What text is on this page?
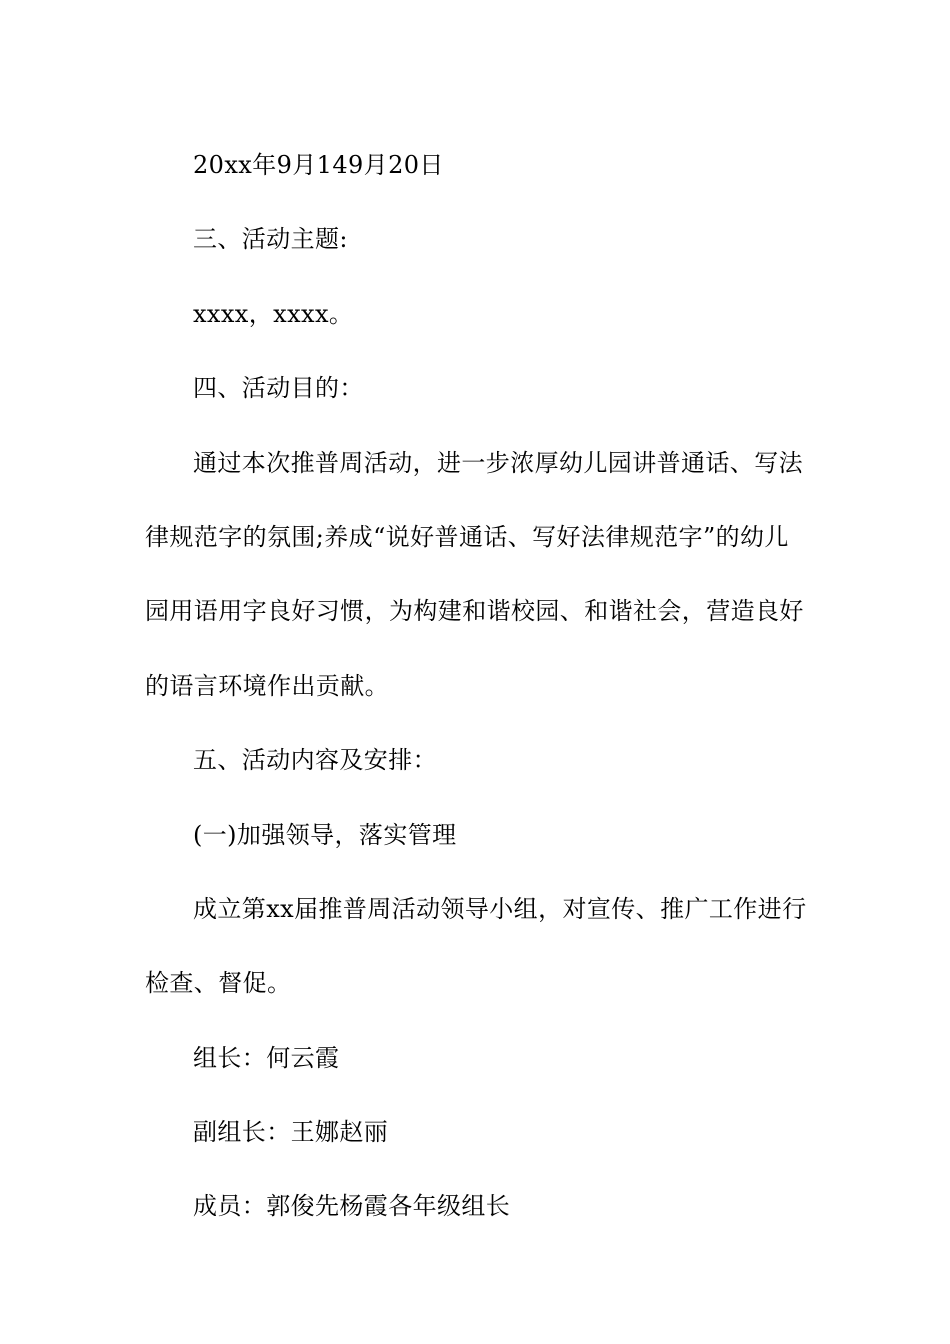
20xx年9月149月20日
三、活动主题:
xxxx，xxxx。
四、活动目的：
通过本次推普周活动，进一步浓厚幼儿园讲普通话、写法
律规范字的氛围;养成“说好普通话、写好法律规范字”的幼儿
园用语用字良好习惯，为构建和谐校园、和谐社会，营造良好
的语言环境作出贡献。
五、活动内容及安排：
(一)加强领导，落实管理
成立第xx届推普周活动领导小组，对宣传、推广工作进行
检查、督促。
组长：何云霞
副组长：王娜赵丽
成员：郭俊先杨霞各年级组长
